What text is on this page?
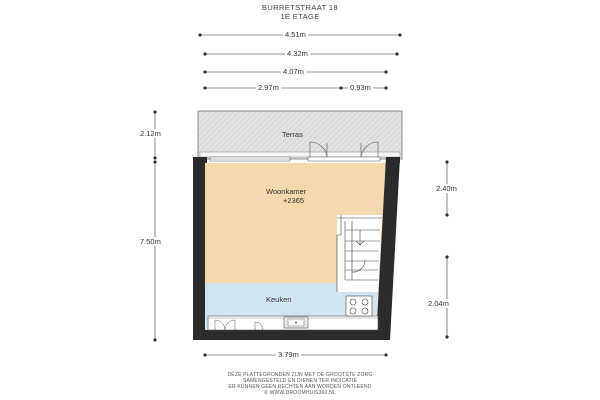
BURRETSTRAAT 18
1E ETAGE
4.51m
4.32m
4.07m
2.97m	0.93m
2.12m
7.50m
2.40m
2.04m
3.79m
Terras
Woonkamer
+2365
Keuken
DEZE PLATTEGRONDEN ZIJN MET DE GROOTSTE ZORG
SAMENGESTELD EN DIENEN TER INDICATIE
ER KUNNEN GEEN RECHTEN AAN WORDEN ONTLEEND
© WWW.DROOMHUIS360.NL
